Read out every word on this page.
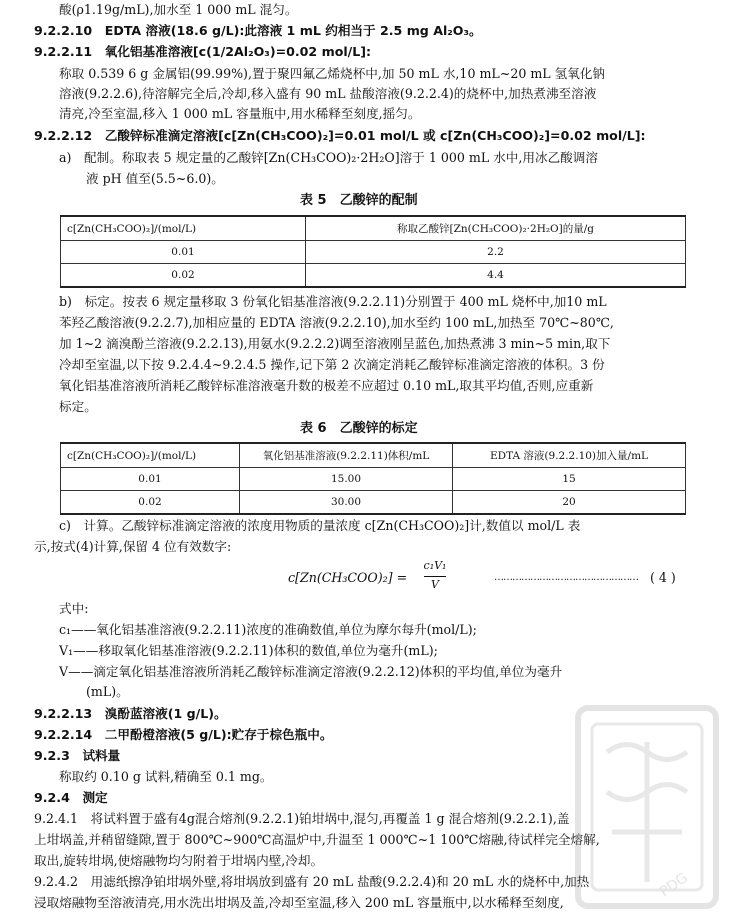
酸(ρ1.19g/mL),加水至 1 000 mL 混匀。
9.2.2.10　EDTA 溶液(18.6 g/L):此溶液 1 mL 约相当于 2.5 mg Al₂O₃。
9.2.2.11　氧化铝基准溶液[c(1/2Al₂O₃)=0.02 mol/L]:
称取 0.539 6 g 金属铝(99.99%),置于聚四氟乙烯烧杯中,加 50 mL 水,10 mL~20 mL 氢氧化钠
溶液(9.2.2.6),待溶解完全后,冷却,移入盛有 90 mL 盐酸溶液(9.2.2.4)的烧杯中,加热煮沸至溶液
清亮,冷至室温,移入 1 000 mL 容量瓶中,用水稀释至刻度,摇匀。
9.2.2.12　乙酸锌标准滴定溶液[c[Zn(CH₃COO)₂]=0.01 mol/L 或 c[Zn(CH₃COO)₂]=0.02 mol/L]:
a)　配制。称取表 5 规定量的乙酸锌[Zn(CH₃COO)₂·2H₂O]溶于 1 000 mL 水中,用冰乙酸调溶
液 pH 值至(5.5~6.0)。
表 5　乙酸锌的配制
c[Zn(CH₃COO)₂]/(mol/L)	称取乙酸锌[Zn(CH₃COO)₂·2H₂O]的量/g
0.01	2.2
0.02	4.4
b)　标定。按表 6 规定量移取 3 份氧化铝基准溶液(9.2.2.11)分别置于 400 mL 烧杯中,加10 mL
苯羟乙酸溶液(9.2.2.7),加相应量的 EDTA 溶液(9.2.2.10),加水至约 100 mL,加热至 70℃~80℃,
加 1~2 滴溴酚兰溶液(9.2.2.13),用氨水(9.2.2.2)调至溶液刚呈蓝色,加热煮沸 3 min~5 min,取下
冷却至室温,以下按 9.2.4.4~9.2.4.5 操作,记下第 2 次滴定消耗乙酸锌标准滴定溶液的体积。3 份
氧化铝基准溶液所消耗乙酸锌标准溶液毫升数的极差不应超过 0.10 mL,取其平均值,否则,应重新
标定。
表 6　乙酸锌的标定
c[Zn(CH₃COO)₂]/(mol/L)	氧化铝基准溶液(9.2.2.11)体积/mL	EDTA 溶液(9.2.2.10)加入量/mL
0.01	15.00	15
0.02	30.00	20
c)　计算。乙酸锌标准滴定溶液的浓度用物质的量浓度 c[Zn(CH₃COO)₂]计,数值以 mol/L 表
示,按式(4)计算,保留 4 位有效数字:
c[Zn(CH₃COO)₂] =
c₁V₁
V
………………………………………… ( 4 )
式中:
c₁——氧化铝基准溶液(9.2.2.11)浓度的准确数值,单位为摩尔每升(mol/L);
V₁——移取氧化铝基准溶液(9.2.2.11)体积的数值,单位为毫升(mL);
V——滴定氧化铝基准溶液所消耗乙酸锌标准滴定溶液(9.2.2.12)体积的平均值,单位为毫升
(mL)。
9.2.2.13　溴酚蓝溶液(1 g/L)。
9.2.2.14　二甲酚橙溶液(5 g/L):贮存于棕色瓶中。
9.2.3　试料量
称取约 0.10 g 试料,精确至 0.1 mg。
9.2.4　测定
9.2.4.1　将试料置于盛有4g混合熔剂(9.2.2.1)铂坩埚中,混匀,再覆盖 1 g 混合熔剂(9.2.2.1),盖
上坩埚盖,并稍留缝隙,置于 800℃~900℃高温炉中,升温至 1 000℃~1 100℃熔融,待试样完全熔解,
取出,旋转坩埚,使熔融物均匀附着于坩埚内壁,冷却。
9.2.4.2　用滤纸擦净铂坩埚外壁,将坩埚放到盛有 20 mL 盐酸(9.2.2.4)和 20 mL 水的烧杯中,加热
浸取熔融物至溶液清亮,用水洗出坩埚及盖,冷却至室温,移入 200 mL 容量瓶中,以水稀释至刻度,
PDG
